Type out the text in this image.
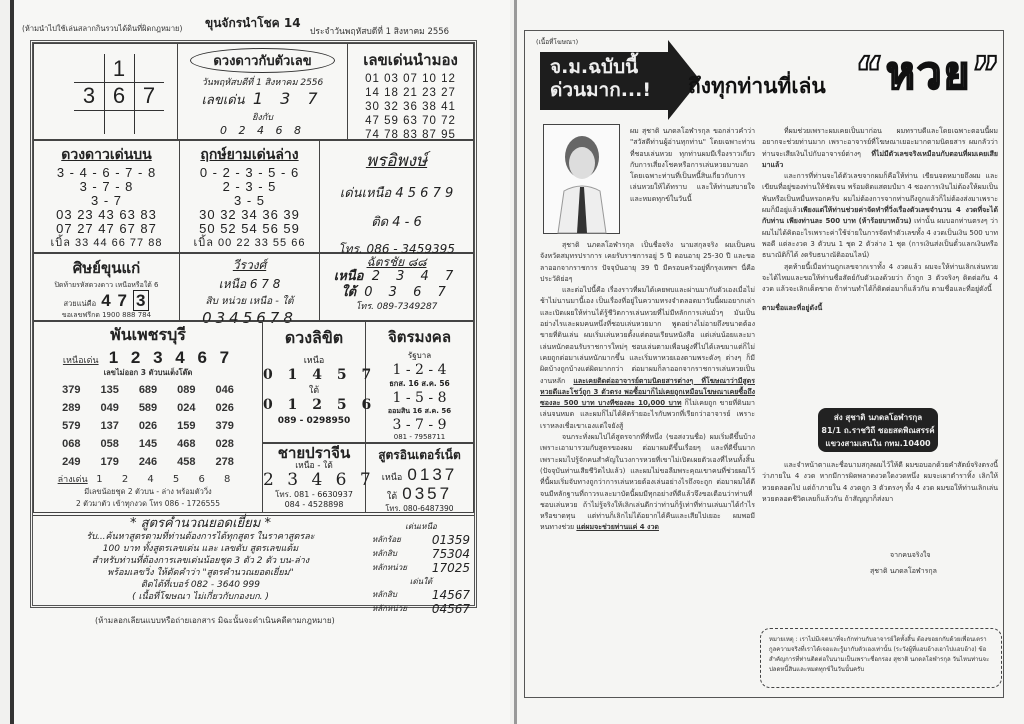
(ห้ามนำไปใช้เล่นสลากกินรวบได้ดินที่ผิดกฎหมาย) ขุนจักรนำโชค 14
ประจำวันพฤหัสบดีที่ 1 สิงหาคม 2556
1
3 6 7
ดวงดาวกับตัวเลข
วันพฤหัสบดีที่ 1 สิงหาคม 2556
เลขเด่น 1 3 7
ยิงกับ
0 2 4 6 8
เลขเด่นนำมอง
01 03 07 10 12
14 18 21 23 27
30 32 36 38 41
47 59 63 70 72
74 78 83 87 95
ดวงดาวเด่นบน
3 - 4 - 6 - 7 - 8
3 - 7 - 8
3 - 7
03 23 43 63 83
07 27 47 67 87
เบิ้ล 33 44 66 77 88
ฤกษ์ยามเด่นล่าง
0 - 2 - 3 - 5 - 6
2 - 3 - 5
3 - 5
30 32 34 36 39
50 52 54 56 59
เบิ้ล 00 22 33 55 66
พรอิพงษ์
เด่นเหนือ 4 5 6 7 9
ติด 4 - 6
โทร. 086 - 3459395
ศิษย์ขุนแก่
ปิดท้ายรหัสดวงดาว เหนือหรือใต้ 6
สวยแน่คือ 4 7 3
ขอเลขฟรีกด 1900 888 784
วีรวงศ์
เหนือ 6 7 8
สิบ หน่วย เหนือ - ใต้
0345678
ฉัตรชัย ๘๘
เหนือ 2 3 4 7
ใต้ 0 3 6 7
โทร. 089-7349287
พันเพชรบุรี
เหนือเด่น 1 2 3 4 6 7
เลขไม่ออก 3 ตัวบนเต็งโต๊ด
379	135	689	089	046
289	049	589	024	026
579	137	026	159	379
068	058	145	468	028
249	179	246	458	278
ล่างเด่น 1 2 4 5 6 8
มีเลขน้อยชุด 2 ตัวบน - ล่าง พร้อมตัววิ่ง
2 ตัวมาตัว เข้าทุกงวด โทร 086 - 1726555
ดวงลิขิต
เหนือ
0 1 4 5 7
ใต้
0 1 2 5 6
089 - 0298950
จิตรมงคล
รัฐบาล
1 - 2 - 4
ธกส. 16 ส.ค. 56
1 - 5 - 8
ออมสิน 16 ส.ค. 56
3 - 7 - 9
081 - 7958711
ชายปราจีน
เหนือ - ใต้
2 3 4 6 7
โทร. 081 - 6630937
084 - 4528898
สูตรอินเตอร์เน็ต
เหนือ 0137
ใต้ 0357
โทร. 080-6487390
* สูตรคำนวณยอดเยี่ยม *
รับ...ค้นหาสูตรตามที่ท่านต้องการได้ทุกสูตร ในราคาสูตรละ
100 บาท ทั้งสูตรเลขเด่น และ เลขดับ สูตรเลขแต้ม
สำหรับท่านที่ต้องการเลขเด่นน้อยชุด 3 ตัว 2 ตัว บน-ล่าง
พร้อมเลขวิ่ง ให้ตัดคำว่า "สูตรคำนวณยอดเยี่ยม"
ติดได้ที่เบอร์ 082 - 3640 999
( เนื้อที่โฆษณา ไม่เกี่ยวกับกองบก. )
เด่นเหนือ
หลักร้อย	01359
หลักสิบ	75304
หลักหน่วย 17025
เด่นใต้
หลักสิบ	14567
หลักหน่วย 04567
(ห้ามลอกเลียนแบบหรือถ่ายเอกสาร มิฉะนั้นจะดำเนินคดีตามกฎหมาย)
(เนื้อที่โฆษณา)
จ.ม.ฉบับนี้
ด่วนมาก...!	ถึงทุกท่านที่เล่น “หวย”

ผม สุชาติ นภดลโอฬารกุล ขอกล่าวคำว่า "สวัสดีท่านผู้อ่านทุกท่าน" โดยเฉพาะท่านที่ชอบเล่นหวย ทุกท่านผมมีเรื่องราวเกี่ยวกับการเสี่ยงโชคหรือการเล่นหวยมาบอกโดยเฉพาะท่านที่เป็นหนี้สินเกี่ยวกับการเล่นหวยให้ได้ทราบ และให้ท่านสบายใจและหมดทุกข์ในวันนี้

สุชาติ นภดลโอฬารกุล เป็นชื่อจริง นามสกุลจริง ผมเป็นคนจังหวัดสมุทรปราการ เคยรับราชการอยู่ 5 ปี ตอนอายุ 25-30 ปี และขอลาออกจากราชการ ปัจจุบันอายุ 39 ปี มีครอบครัวอยู่ที่กรุงเทพฯ นี่คือประวัติย่อๆ

และต่อไปนี้คือ เรื่องราวที่ผมได้เคยพบและผ่านมากับตัวเองเมื่อไม่ช้าไม่นานมานี้เอง เป็นเรื่องที่อยู่ในความทรงจำตลอดมาวันนี้ผมอยากเล่าและเปิดเผยให้ท่านได้รู้ชีวิตการเล่นหวยที่ไม่มีหลักการเล่นมั่วๆ มันเป็นอย่างไรและผมคนหนึ่งที่ชอบเล่นหวยมาก พูดอย่างไม่อายถึงขนาดต้องขายที่ดินเล่น ผมเริ่มเล่นหวยตั้งแต่ตอนเรียนหนังสือ แต่เล่นน้อยและมาเล่นหนักตอนรับราชการใหม่ๆ ชอบเล่นตามเพื่อนฝูงที่ไปได้เลขมาแต่ก็ไม่เคยถูกต่อมาเล่นหนักมากขึ้น และเริ่มหาหวยเองตามพระดังๆ ต่างๆ ก็มีผิดบ้างถูกบ้างแต่ผิดมากกว่า ต่อมาผมก็ลาออกจากราชการเล่นหวยเป็นงานหลัก และเคยติดต่ออาจารย์ตามนิตยสารต่างๆ ที่โฆษณาว่ามีสูตรหวยดีและโชว์ถูก 3 ตัวตรง พอซื้อมาก็ไม่เคยถูกเหมือนโฆษณาเคยซื้อถึงซองละ 500 บาท บางทีซองละ 10,000 บาท ก็ไม่เคยถูก ขายที่ดินมาเล่นจนหมด และผมก็ไม่ได้คิดร้ายอะไรกับพวกที่เรียกว่าอาจารย์ เพราะเราหลงเชื่อเขาเองแต่ใจยังสู้

จนกระทั่งผมไปได้สูตรจากที่ที่หนึ่ง (ขอสงวนชื่อ) ผมเริ่มดีขึ้นบ้าง เพราะเอามารวมกับสูตรของผม ต่อมาผมดีขึ้นเรื่อยๆ และที่ดีขึ้นมากเพราะผมไปรู้จักคนสำคัญในวงการหวยที่เขาไม่เปิดเผยตัวเองที่ไหนทั้งสิ้น (ปัจจุบันท่านเสียชีวิตไปแล้ว) และผมไม่ขอลืมพระคุณเขาคนที่ช่วยผมไว้ ที่นี้ผมเริ่มจับทางถูกว่าการเล่นหวยต้องเล่นอย่างไรถึงจะถูก ต่อมาผมได้ดีจนมีหลักฐานที่ถาวรและมาบัดนี้ผมมีทุกอย่างที่ดีแล้วจึงขอเตือนว่าท่านที่ชอบเล่นหวย ถ้าไม่รู้จริงให้เลิกเล่นดีกว่าท่านก็รู้เท่าที่ท่านเล่นมาได้กำไรหรือขาดทุน แต่ท่านก็เลิกไม่ได้อยากได้คืนและเสียไปเยอะ ผมพอมีหนทางช่วย แต่ผมจะช่วยท่านแค่ 4 งวด

ที่ผมช่วยเพราะผมเคยเป็นมาก่อน ผมทราบดีและโดยเฉพาะตอนนี้ผมอยากจะช่วยท่านมาก เพราะอาจารย์ที่โฆษณาเยอะมากตามนิตยสาร ผมกลัวว่าท่านจะเสียเงินไปกับอาจารย์ต่างๆ ที่ไม่มีตัวเลขจริงเหมือนกับตอนที่ผมเคยเสียมาแล้ว

และการที่ท่านจะได้ตัวเลขจากผมก็คือให้ท่าน เขียนจดหมายถึงผม และเขียนที่อยู่ของท่านให้ชัดเจน พร้อมติดแสตมป์มา 4 ซองการเงินไม่ต้องให้ผมเป็นพันหรือเป็นหมื่นหรอกครับ ผมไม่ต้องการจากท่านถึงถูกแล้วก็ไม่ต้องส่งมาเพราะผมก็มีอยู่แล้วเพียงแต่ให้ท่านช่วยค่าจัดทำที่วิ่งเรื่องตัวเลขจำนวน 4 งวดที่จะได้กับท่าน เพียงท่านละ 500 บาท (ห้าร้อยบาทถ้วน) เท่านั้น ผมบอกท่านตรงๆ ว่า ผมไม่ได้คิดอะไรเพราะค่าใช้จ่ายในการจัดทำตัวเลขทั้ง 4 งวดเป็นเงิน 500 บาท พอดี แต่ละงวด 3 ตัวบน 1 ชุด 2 ตัวล่าง 1 ชุด (การเงินส่งเป็นตั๋วแลกเงินหรือธนาณัติก็ได้ งดรับธนาณัติออนไลน์)

สุดท้ายนี้เมื่อท่านถูกเลขจากเราทั้ง 4 งวดแล้ว ผมจะให้ท่านเลิกเล่นหวยจะได้ไหมและขอให้ท่านซื่อสัตย์กับตัวเองด้วยว่า ถ้าถูก 3 ตัวจริงๆ ติดต่อกัน 4 งวด แล้วจะเลิกเด็ดขาด ถ้าท่านทำได้ก็ติดต่อมาก็แล้วกัน ตามชื่อและที่อยู่ดังนี้

ตามชื่อและที่อยู่ดังนี้

ส่ง สุชาติ นภดลโอฬารกุล
81/1 ถ.ราชวิถี ซอยสดพิณสรรค์
แขวงสามเสนใน กทม.10400

และจำหน้าตาและชื่อนามสกุลผมไว้ให้ดี ผมขอบอกด้วยคำสัตย์จริงตรงนี้ว่าภายใน 4 งวด หากมีการผิดพลาดงวดใดงวดหนึ่ง ผมจะเผาตำราทิ้ง เลิกให้หวยตลอดไป แต่ถ้าภายใน 4 งวดถูก 3 ตัวตรงๆ ทั้ง 4 งวด ผมขอให้ท่านเลิกเล่นหวยตลอดชีวิตเลยก็แล้วกัน ถ้าสัญญาก็ส่งมา

จากคนจริงใจ
สุชาติ นภดลโอฬารกุล
หมายเหตุ : เราไม่มีเจตนาที่จะกักท่านกับอาจารย์ใดทั้งสิ้น ต้องขอยกกับด้วยเพื่อนเตรากูลความจริงที่เราได้เจอและรู้มากับตัวเองเท่านั้น (ระวังผู้ที่แอบอ้างเอาไปแอบอ้าง) ข้อสำคัญการที่ท่านติดต่อในนามเป็นเพราะชื่อกรอง สุชาติ นภดลโอฬารกุล วันไหนท่านจะปลดหนี้สินและหมดทุกข์ในวันนั้นครับ
